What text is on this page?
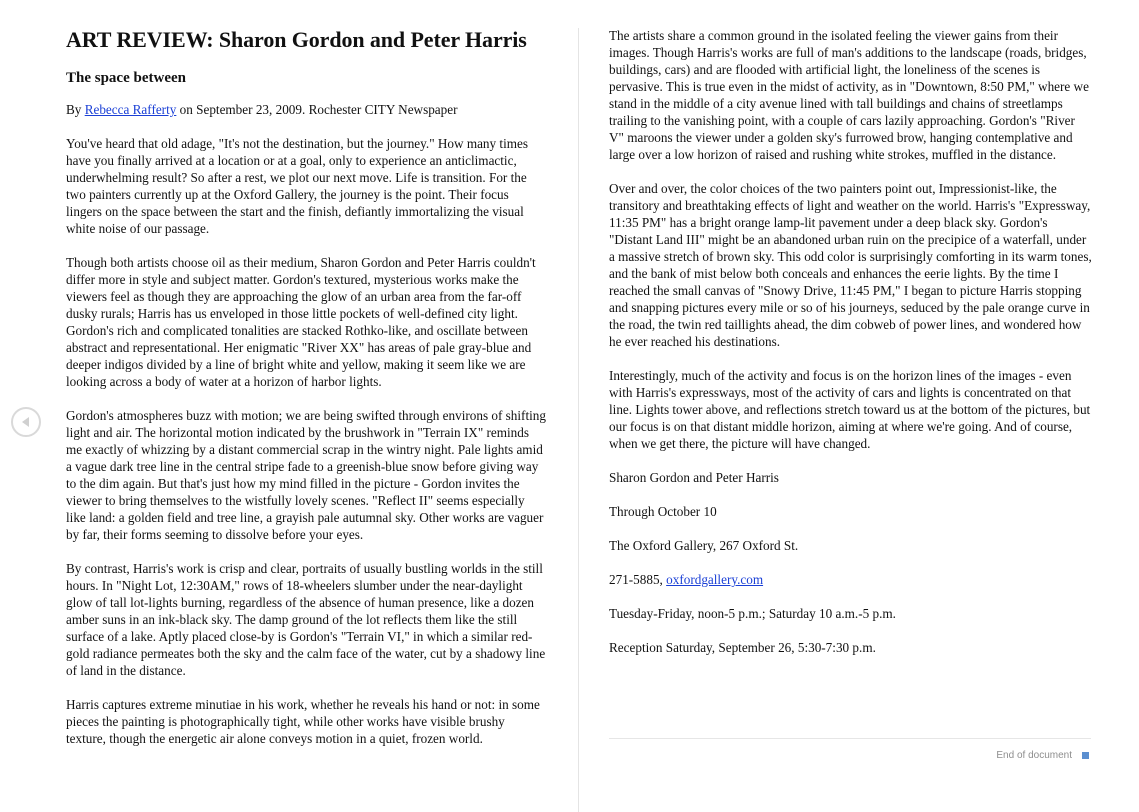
ART REVIEW: Sharon Gordon and Peter Harris
The space between

By Rebecca Rafferty on September 23, 2009. Rochester CITY Newspaper

You've heard that old adage, "It's not the destination, but the journey." How many times have you finally arrived at a location or at a goal, only to experience an anticlimactic, underwhelming result? So after a rest, we plot our next move. Life is transition. For the two painters currently up at the Oxford Gallery, the journey is the point. Their focus lingers on the space between the start and the finish, defiantly immortalizing the visual white noise of our passage.

Though both artists choose oil as their medium, Sharon Gordon and Peter Harris couldn't differ more in style and subject matter. Gordon's textured, mysterious works make the viewers feel as though they are approaching the glow of an urban area from the far-off dusky rurals; Harris has us enveloped in those little pockets of well-defined city light. Gordon's rich and complicated tonalities are stacked Rothko-like, and oscillate between abstract and representational. Her enigmatic "River XX" has areas of pale gray-blue and deeper indigos divided by a line of bright white and yellow, making it seem like we are looking across a body of water at a horizon of harbor lights.

Gordon's atmospheres buzz with motion; we are being swifted through environs of shifting light and air. The horizontal motion indicated by the brushwork in "Terrain IX" reminds me exactly of whizzing by a distant commercial scrap in the wintry night. Pale lights amid a vague dark tree line in the central stripe fade to a greenish-blue snow before giving way to the dim again. But that's just how my mind filled in the picture - Gordon invites the viewer to bring themselves to the wistfully lovely scenes. "Reflect II" seems especially like land: a golden field and tree line, a grayish pale autumnal sky. Other works are vaguer by far, their forms seeming to dissolve before your eyes.

By contrast, Harris's work is crisp and clear, portraits of usually bustling worlds in the still hours. In "Night Lot, 12:30AM," rows of 18-wheelers slumber under the near-daylight glow of tall lot-lights burning, regardless of the absence of human presence, like a dozen amber suns in an ink-black sky. The damp ground of the lot reflects them like the still surface of a lake. Aptly placed close-by is Gordon's "Terrain VI," in which a similar red-gold radiance permeates both the sky and the calm face of the water, cut by a shadowy line of land in the distance.

Harris captures extreme minutiae in his work, whether he reveals his hand or not: in some pieces the painting is photographically tight, while other works have visible brushy texture, though the energetic air alone conveys motion in a quiet, frozen world.

The artists share a common ground in the isolated feeling the viewer gains from their images. Though Harris's works are full of man's additions to the landscape (roads, bridges, buildings, cars) and are flooded with artificial light, the loneliness of the scenes is pervasive. This is true even in the midst of activity, as in "Downtown, 8:50 PM," where we stand in the middle of a city avenue lined with tall buildings and chains of streetlamps trailing to the vanishing point, with a couple of cars lazily approaching. Gordon's "River V" maroons the viewer under a golden sky's furrowed brow, hanging contemplative and large over a low horizon of raised and rushing white strokes, muffled in the distance.

Over and over, the color choices of the two painters point out, Impressionist-like, the transitory and breathtaking effects of light and weather on the world. Harris's "Expressway, 11:35 PM" has a bright orange lamp-lit pavement under a deep black sky. Gordon's "Distant Land III" might be an abandoned urban ruin on the precipice of a waterfall, under a massive stretch of brown sky. This odd color is surprisingly comforting in its warm tones, and the bank of mist below both conceals and enhances the eerie lights. By the time I reached the small canvas of "Snowy Drive, 11:45 PM," I began to picture Harris stopping and snapping pictures every mile or so of his journeys, seduced by the pale orange curve in the road, the twin red taillights ahead, the dim cobweb of power lines, and wondered how he ever reached his destinations.

Interestingly, much of the activity and focus is on the horizon lines of the images - even with Harris's expressways, most of the activity of cars and lights is concentrated on that line. Lights tower above, and reflections stretch toward us at the bottom of the pictures, but our focus is on that distant middle horizon, aiming at where we're going. And of course, when we get there, the picture will have changed.

Sharon Gordon and Peter Harris

Through October 10

The Oxford Gallery, 267 Oxford St.

271-5885, oxfordgallery.com

Tuesday-Friday, noon-5 p.m.; Saturday 10 a.m.-5 p.m.

Reception Saturday, September 26, 5:30-7:30 p.m.

End of document
